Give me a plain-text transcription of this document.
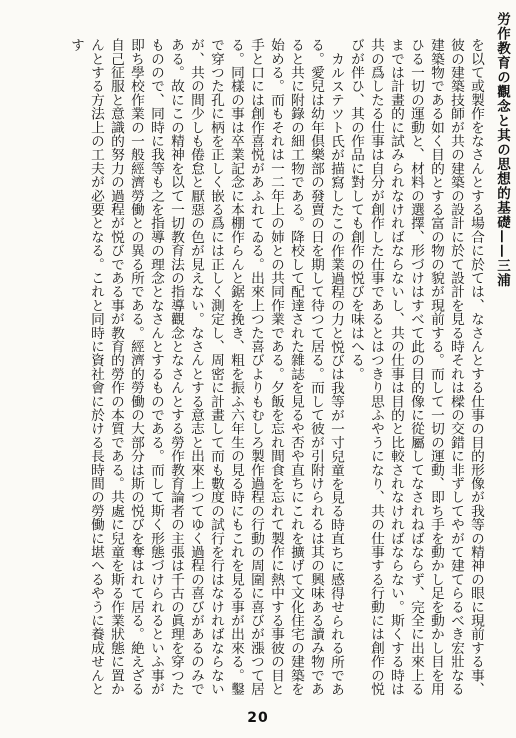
労作教育の觀念と其の思想的基礎——三浦

を以て或製作をなさんとする場合に於ては、なさんとする仕事の目的形像が我等の精神の眼に現前する事、彼の建築技師が共の建築の設計に於て設計を見る時それは樑の交錯に非ずしてやがて建てらるべき宏壯なる建築物である如く目的とする富の物の貌が現前する。而して一切の運動、即ち手を動かし足を動かし目を用ひる一切の運動と、材料の選擇、形づけはすべて此の目的像に從屬してなされねばならず、完全に出來上るまでは計畫的に試みられなければならないし、共の仕事は目的と比較されなければならない。斯くする時は共の爲したる仕事は自分が創作した仕事であるとはつきり思ふやうになり、共の仕事する行動には創作の悦びが伴ひ、其の作品に對しても創作の悦びを味はへる。

カルステツト氏が描寫したこの作業過程の力と悦びは我等が一寸兒童を見る時直ちに感得せられる所である。愛兒は幼年倶樂部の發賣の日を期して待つて居る。而して彼が引附けられるは其の興味ある讀み物であると共に附錄の細工物である。降校して配達された雜誌を見るや否や直ちにこれを擴げて文化住宅の建築を始める。而もそれは一二年上の姉との共同作業である。夕飯を忘れ間食を忘れて製作に熱中する事彼の目と手と口には創作喜悦があふれてゐる。出來上つた喜びよりもむしろ製作過程の行動の周圍に喜びが漲つて居る。同樣の事は卒業記念に本棚作らんと鋸を挽き、粗を振ふ六年生の見る時にもこれを見る事が出來る。鑿で穿つた孔に柄を正しく嵌る爲には正しく測定し、周密に計畫して而も數度の試行を行はなければならないが、共の間少しも倦怠と厭惡の色が見えない。なさんとする意志と出來上つてゆく過程の喜びがあるのみである。故にこの精神を以て一切教育法の指導觀念となさんとする勞作教育論者の主張は千古の眞理を穿つたものので、同時に我等も之を指導の理念となさんとするものである。而して斯く形態づけられるといふ事が即ち學校作業の一般經濟勞働との異る所である。經濟的勞働の大部分は斯の悦びを奪はれて居る。絶えざる自己征服と意識的努力の過程が悦びである事が教育的勞作の本質である。共處に兒童を斯る作業狀態に置かんとする方法上の工夫が必要となる。これと同時に資社會に於ける長時間の勞働に堪へるやうに養成せんとす

20
